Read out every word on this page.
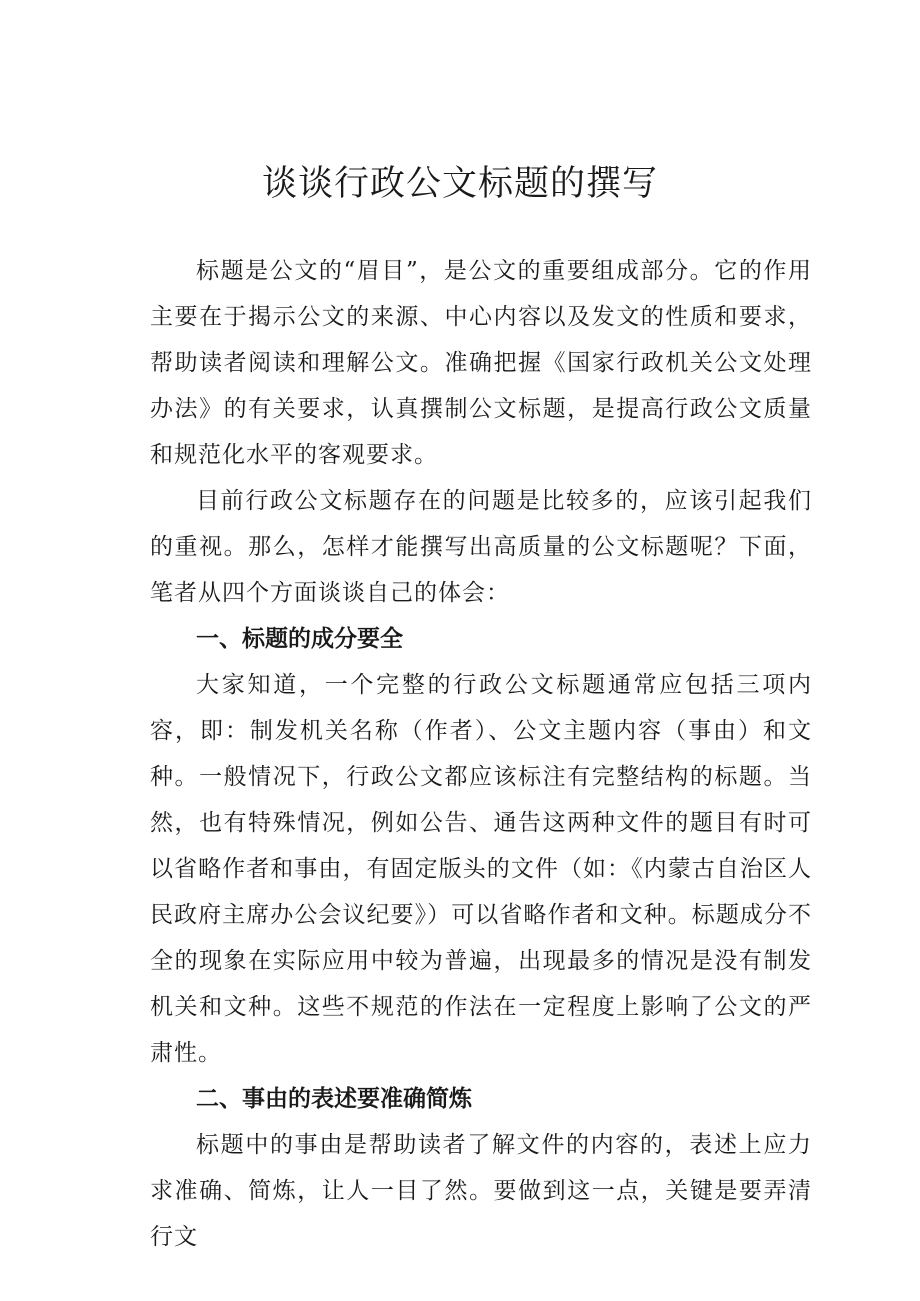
谈谈行政公文标题的撰写

标题是公文的“眉目”，是公文的重要组成部分。它的作用主要在于揭示公文的来源、中心内容以及发文的性质和要求，帮助读者阅读和理解公文。准确把握《国家行政机关公文处理办法》的有关要求，认真撰制公文标题，是提高行政公文质量和规范化水平的客观要求。

目前行政公文标题存在的问题是比较多的，应该引起我们的重视。那么，怎样才能撰写出高质量的公文标题呢？下面，笔者从四个方面谈谈自己的体会：

一、标题的成分要全

大家知道，一个完整的行政公文标题通常应包括三项内容，即：制发机关名称（作者）、公文主题内容（事由）和文种。一般情况下，行政公文都应该标注有完整结构的标题。当然，也有特殊情况，例如公告、通告这两种文件的题目有时可以省略作者和事由，有固定版头的文件（如：《内蒙古自治区人民政府主席办公会议纪要》）可以省略作者和文种。标题成分不全的现象在实际应用中较为普遍，出现最多的情况是没有制发机关和文种。这些不规范的作法在一定程度上影响了公文的严肃性。

二、事由的表述要准确简炼

标题中的事由是帮助读者了解文件的内容的，表述上应力求准确、简炼，让人一目了然。要做到这一点，关键是要弄清行文
